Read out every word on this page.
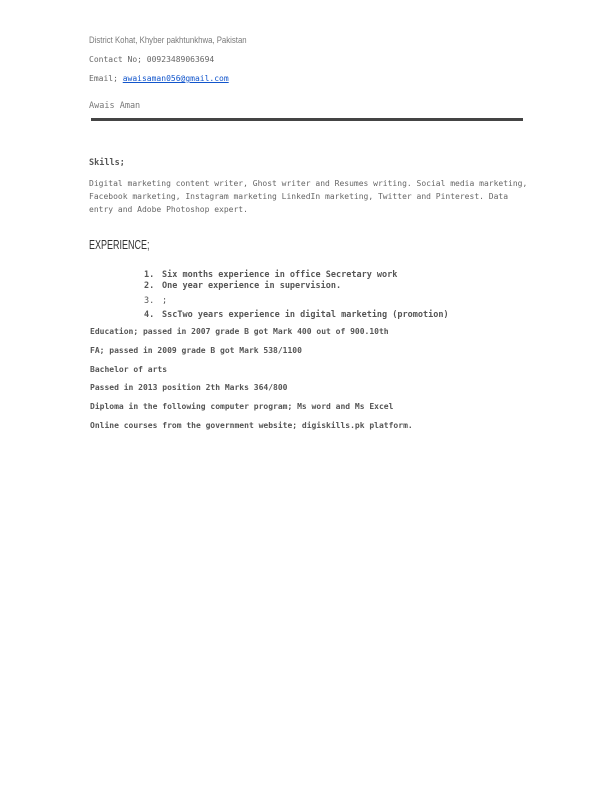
District Kohat, Khyber pakhtunkhwa, Pakistan

Contact No; 00923489063694

Email; awaisaman056@gmail.com

Awais Aman

Skills;

Digital marketing content writer, Ghost writer and Resumes writing. Social media marketing, Facebook marketing, Instagram marketing LinkedIn marketing, Twitter and Pinterest. Data entry and Adobe Photoshop expert.

EXPERIENCE;

1. Six months experience in office Secretary work
2. One year experience in supervision.
3. ;
4. SscTwo years experience in digital marketing (promotion)

Education; passed in 2007 grade B got Mark 400 out of 900.10th

FA; passed in 2009 grade B got Mark 538/1100

Bachelor of arts

Passed in 2013 position 2th Marks 364/800

Diploma in the following computer program; Ms word and Ms Excel

Online courses from the government website; digiskills.pk platform.
